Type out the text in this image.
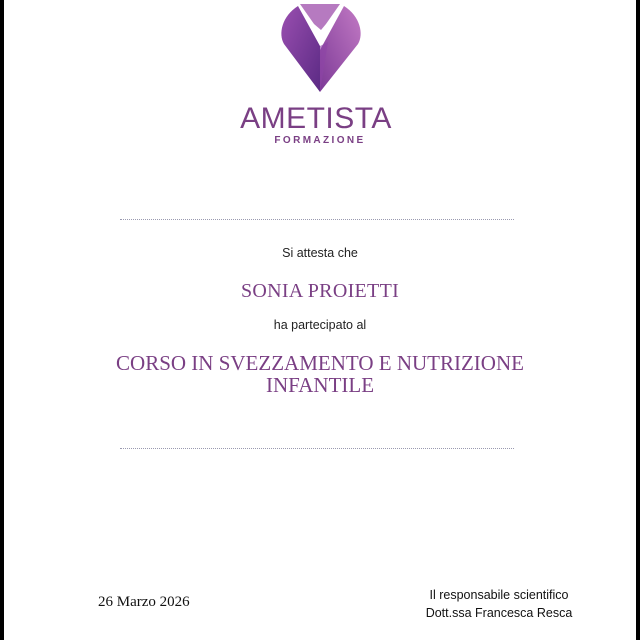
AMETISTA
FORMAZIONE
Si attesta che
SONIA PROIETTI
ha partecipato al
CORSO IN SVEZZAMENTO E NUTRIZIONE
INFANTILE
26 Marzo 2026	Il responsabile scientifico
Dott.ssa Francesca Resca
